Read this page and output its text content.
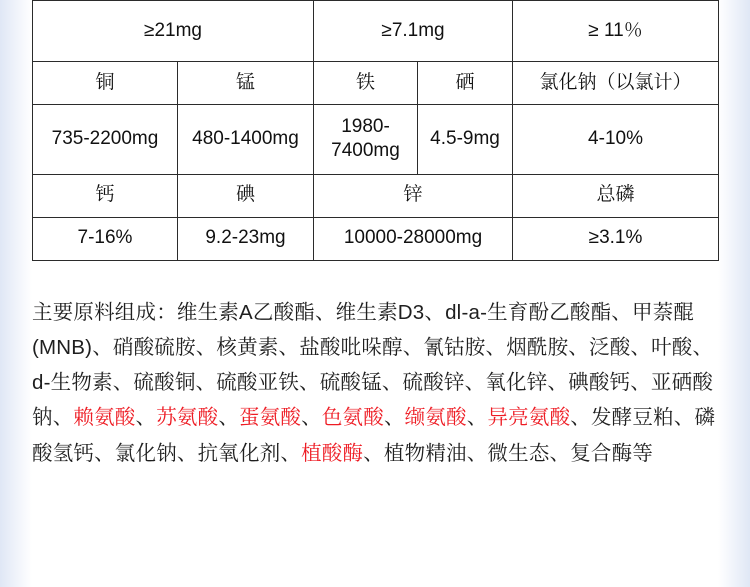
≥21mg		≥7.1mg		≥ 11％
铜	锰	铁	硒	氯化钠（以氯计）
735-2200mg	480-1400mg	1980-7400mg	4.5-9mg	4-10%
钙	碘	锌		总磷
7-16%	9.2-23mg	10000-28000mg		≥3.1%

主要原料组成：维生素A乙酸酯、维生素D3、dl-a-生育酚乙酸酯、甲萘醌(MNB)、硝酸硫胺、核黄素、盐酸吡哚醇、氰钴胺、烟酰胺、泛酸、叶酸、d-生物素、硫酸铜、硫酸亚铁、硫酸锰、硫酸锌、氧化锌、碘酸钙、亚硒酸钠、赖氨酸、苏氨酸、蛋氨酸、色氨酸、缬氨酸、异亮氨酸、发酵豆粕、磷酸氢钙、氯化钠、抗氧化剂、植酸酶、植物精油、微生态、复合酶等
